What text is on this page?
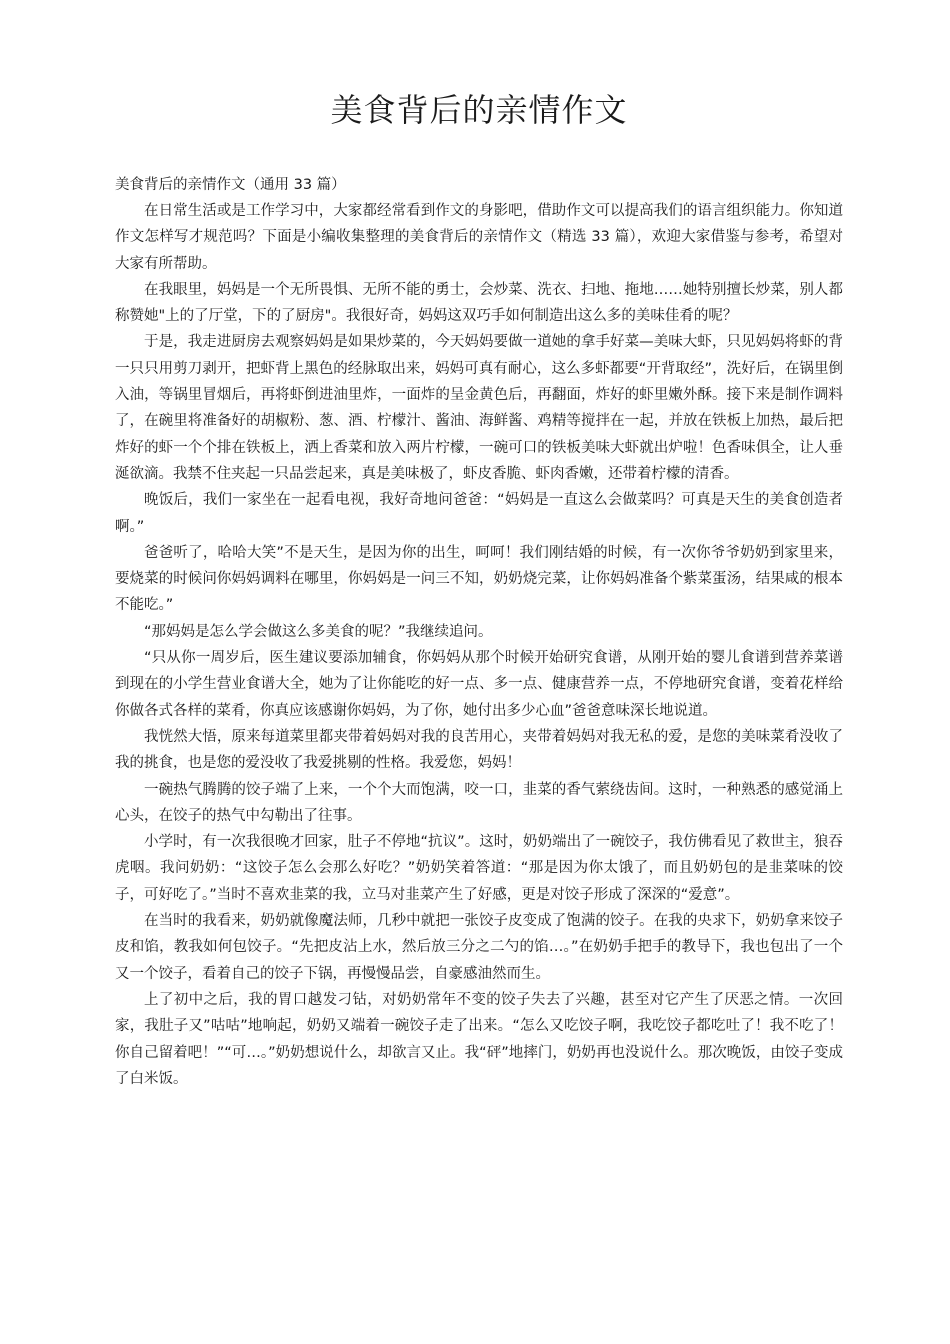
美食背后的亲情作文
美食背后的亲情作文（通用 33 篇）

在日常生活或是工作学习中，大家都经常看到作文的身影吧，借助作文可以提高我们的语言组织能力。你知道作文怎样写才规范吗？下面是小编收集整理的美食背后的亲情作文（精选 33 篇），欢迎大家借鉴与参考，希望对大家有所帮助。

在我眼里，妈妈是一个无所畏惧、无所不能的勇士，会炒菜、洗衣、扫地、拖地……她特别擅长炒菜，别人都称赞她"上的了厅堂，下的了厨房"。我很好奇，妈妈这双巧手如何制造出这么多的美味佳肴的呢？

于是，我走进厨房去观察妈妈是如果炒菜的，今天妈妈要做一道她的拿手好菜—美味大虾，只见妈妈将虾的背一只只用剪刀剥开，把虾背上黑色的经脉取出来，妈妈可真有耐心，这么多虾都要“开背取经”，洗好后，在锅里倒入油，等锅里冒烟后，再将虾倒进油里炸，一面炸的呈金黄色后，再翻面，炸好的虾里嫩外酥。接下来是制作调料了，在碗里将准备好的胡椒粉、葱、酒、柠檬汁、酱油、海鲜酱、鸡精等搅拌在一起，并放在铁板上加热，最后把炸好的虾一个个排在铁板上，洒上香菜和放入两片柠檬，一碗可口的铁板美味大虾就出炉啦！色香味俱全，让人垂涎欲滴。我禁不住夹起一只品尝起来，真是美味极了，虾皮香脆、虾肉香嫩，还带着柠檬的清香。

晚饭后，我们一家坐在一起看电视，我好奇地问爸爸：“妈妈是一直这么会做菜吗？可真是天生的美食创造者啊。”

爸爸听了，哈哈大笑”不是天生，是因为你的出生，呵呵！我们刚结婚的时候，有一次你爷爷奶奶到家里来，要烧菜的时候问你妈妈调料在哪里，你妈妈是一问三不知，奶奶烧完菜，让你妈妈准备个紫菜蛋汤，结果咸的根本不能吃。”

“那妈妈是怎么学会做这么多美食的呢？”我继续追问。

“只从你一周岁后，医生建议要添加辅食，你妈妈从那个时候开始研究食谱，从刚开始的婴儿食谱到营养菜谱到现在的小学生营业食谱大全，她为了让你能吃的好一点、多一点、健康营养一点，不停地研究食谱，变着花样给你做各式各样的菜肴，你真应该感谢你妈妈，为了你，她付出多少心血”爸爸意味深长地说道。

我恍然大悟，原来每道菜里都夹带着妈妈对我的良苦用心，夹带着妈妈对我无私的爱，是您的美味菜肴没收了我的挑食，也是您的爱没收了我爱挑剔的性格。我爱您，妈妈！

一碗热气腾腾的饺子端了上来，一个个大而饱满，咬一口，韭菜的香气萦绕齿间。这时，一种熟悉的感觉涌上心头，在饺子的热气中勾勒出了往事。

小学时，有一次我很晚才回家，肚子不停地“抗议”。这时，奶奶端出了一碗饺子，我仿佛看见了救世主，狼吞虎咽。我问奶奶：“这饺子怎么会那么好吃？”奶奶笑着答道：“那是因为你太饿了，而且奶奶包的是韭菜味的饺子，可好吃了。”当时不喜欢韭菜的我，立马对韭菜产生了好感，更是对饺子形成了深深的“爱意”。

在当时的我看来，奶奶就像魔法师，几秒中就把一张饺子皮变成了饱满的饺子。在我的央求下，奶奶拿来饺子皮和馅，教我如何包饺子。“先把皮沾上水，然后放三分之二勺的馅…。”在奶奶手把手的教导下，我也包出了一个又一个饺子，看着自己的饺子下锅，再慢慢品尝，自豪感油然而生。

上了初中之后，我的胃口越发刁钻，对奶奶常年不变的饺子失去了兴趣，甚至对它产生了厌恶之情。一次回家，我肚子又”咕咕”地响起，奶奶又端着一碗饺子走了出来。“怎么又吃饺子啊，我吃饺子都吃吐了！我不吃了！你自己留着吧！”“可…。”奶奶想说什么，却欲言又止。我“砰”地摔门，奶奶再也没说什么。那次晚饭，由饺子变成了白米饭。
